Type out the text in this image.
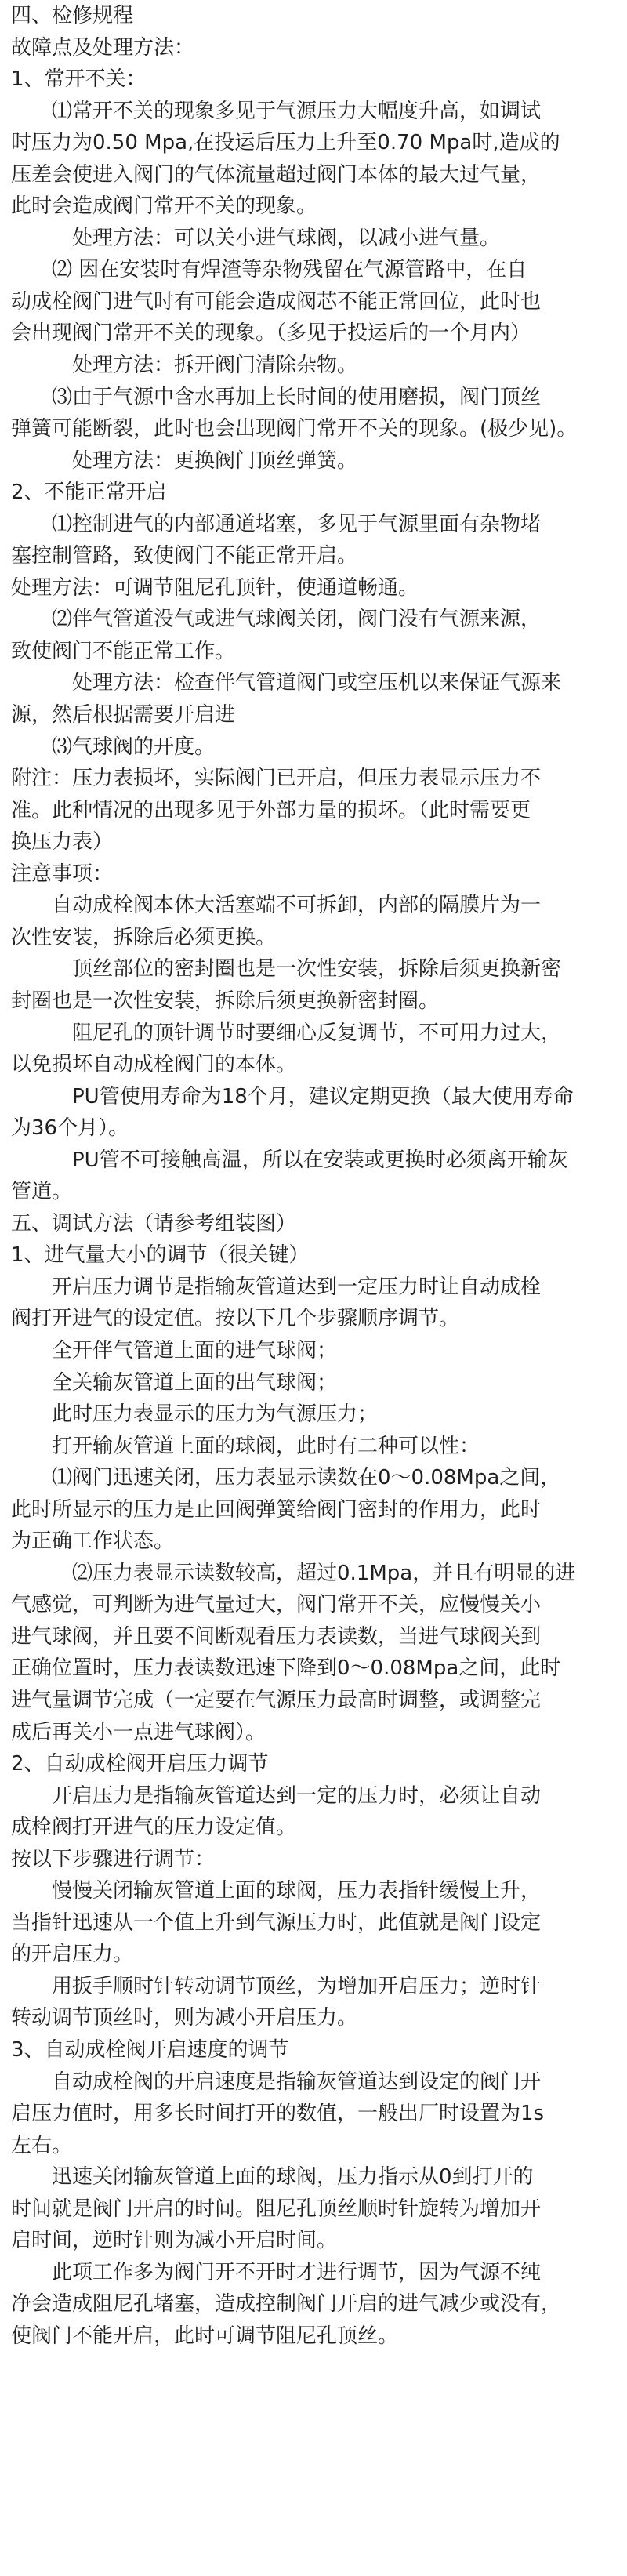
四、检修规程
故障点及处理方法：
1、常开不关：
⑴常开不关的现象多见于气源压力大幅度升高，如调试
时压力为0.50 Mpa,在投运后压力上升至0.70 Mpa时,造成的
压差会使进入阀门的气体流量超过阀门本体的最大过气量，
此时会造成阀门常开不关的现象。
处理方法：可以关小进气球阀，以减小进气量。
⑵ 因在安装时有焊渣等杂物残留在气源管路中，在自
动成栓阀门进气时有可能会造成阀芯不能正常回位，此时也
会出现阀门常开不关的现象。（多见于投运后的一个月内）
处理方法：拆开阀门清除杂物。
⑶由于气源中含水再加上长时间的使用磨损，阀门顶丝
弹簧可能断裂，此时也会出现阀门常开不关的现象。(极少见)。
处理方法：更换阀门顶丝弹簧。
2、不能正常开启
⑴控制进气的内部通道堵塞，多见于气源里面有杂物堵
塞控制管路，致使阀门不能正常开启。
处理方法：可调节阻尼孔顶针，使通道畅通。
⑵伴气管道没气或进气球阀关闭，阀门没有气源来源，
致使阀门不能正常工作。
处理方法：检查伴气管道阀门或空压机以来保证气源来
源，然后根据需要开启进
⑶气球阀的开度。
附注：压力表损坏，实际阀门已开启，但压力表显示压力不
准。此种情况的出现多见于外部力量的损坏。（此时需要更
换压力表）
注意事项：
自动成栓阀本体大活塞端不可拆卸，内部的隔膜片为一
次性安装，拆除后必须更换。
顶丝部位的密封圈也是一次性安装，拆除后须更换新密
封圈也是一次性安装，拆除后须更换新密封圈。
阻尼孔的顶针调节时要细心反复调节，不可用力过大，
以免损坏自动成栓阀门的本体。
PU管使用寿命为18个月，建议定期更换（最大使用寿命
为36个月）。
PU管不可接触高温，所以在安装或更换时必须离开输灰
管道。
五、调试方法（请参考组装图）
1、进气量大小的调节（很关键）
开启压力调节是指输灰管道达到一定压力时让自动成栓
阀打开进气的设定值。按以下几个步骤顺序调节。
全开伴气管道上面的进气球阀；
全关输灰管道上面的出气球阀；
此时压力表显示的压力为气源压力；
打开输灰管道上面的球阀，此时有二种可以性：
⑴阀门迅速关闭，压力表显示读数在0～0.08Mpa之间，
此时所显示的压力是止回阀弹簧给阀门密封的作用力，此时
为正确工作状态。
⑵压力表显示读数较高，超过0.1Mpa，并且有明显的进
气感觉，可判断为进气量过大，阀门常开不关，应慢慢关小
进气球阀，并且要不间断观看压力表读数，当进气球阀关到
正确位置时，压力表读数迅速下降到0～0.08Mpa之间，此时
进气量调节完成（一定要在气源压力最高时调整，或调整完
成后再关小一点进气球阀）。
2、自动成栓阀开启压力调节
开启压力是指输灰管道达到一定的压力时，必须让自动
成栓阀打开进气的压力设定值。
按以下步骤进行调节：
慢慢关闭输灰管道上面的球阀，压力表指针缓慢上升，
当指针迅速从一个值上升到气源压力时，此值就是阀门设定
的开启压力。
用扳手顺时针转动调节顶丝，为增加开启压力；逆时针
转动调节顶丝时，则为减小开启压力。
3、自动成栓阀开启速度的调节
自动成栓阀的开启速度是指输灰管道达到设定的阀门开
启压力值时，用多长时间打开的数值，一般出厂时设置为1s
左右。
迅速关闭输灰管道上面的球阀，压力指示从0到打开的
时间就是阀门开启的时间。阻尼孔顶丝顺时针旋转为增加开
启时间，逆时针则为减小开启时间。
此项工作多为阀门开不开时才进行调节，因为气源不纯
净会造成阻尼孔堵塞，造成控制阀门开启的进气减少或没有，
使阀门不能开启，此时可调节阻尼孔顶丝。
